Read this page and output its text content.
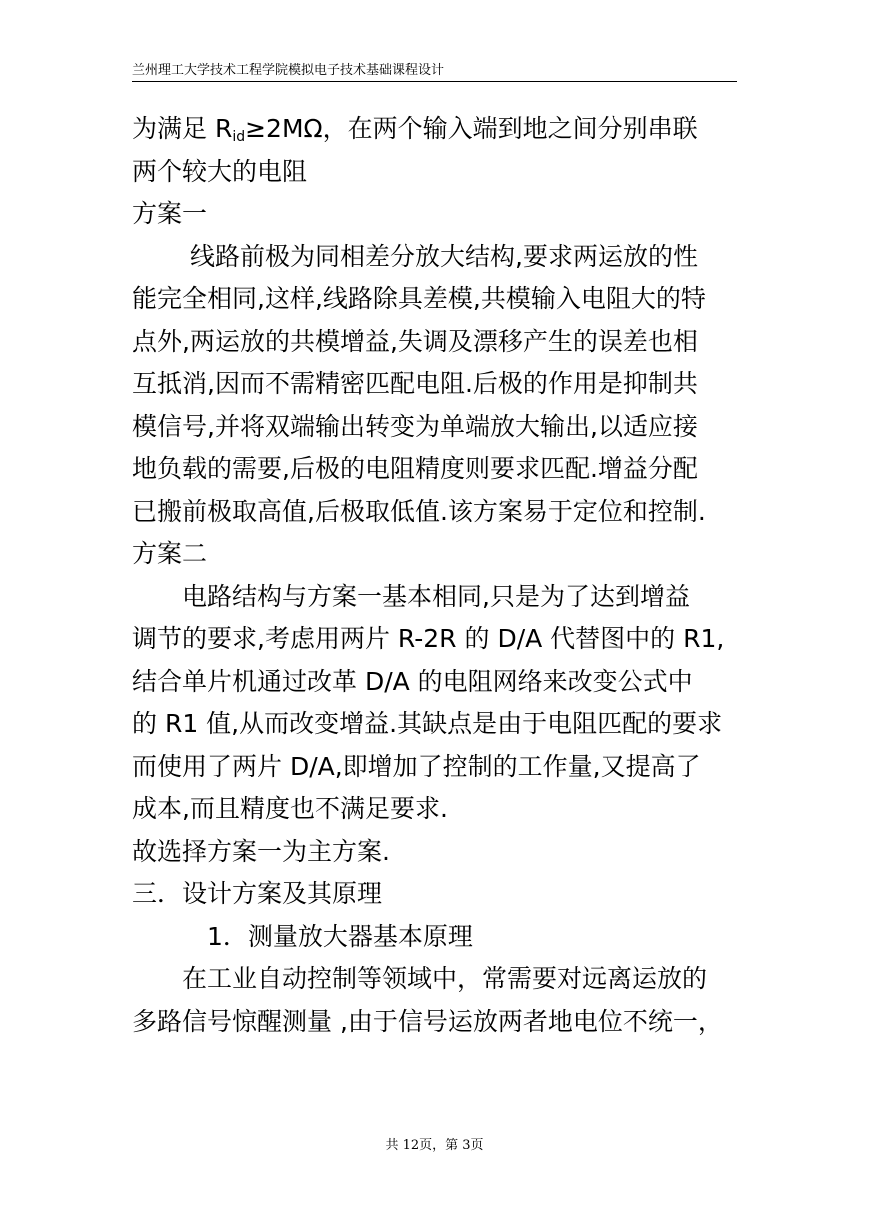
兰州理工大学技术工程学院模拟电子技术基础课程设计
为满足 $R_{id}\ge 2M\Omega$，在两个输入端到地之间分别串联
两个较大的电阻
方案一
线路前极为同相差分放大结构,要求两运放的性
能完全相同,这样,线路除具差模,共模输入电阻大的特
点外,两运放的共模增益,失调及漂移产生的误差也相
互抵消,因而不需精密匹配电阻.后极的作用是抑制共
模信号,并将双端输出转变为单端放大输出,以适应接
地负载的需要,后极的电阻精度则要求匹配.增益分配
已搬前极取高值,后极取低值.该方案易于定位和控制.
方案二
电路结构与方案一基本相同,只是为了达到增益
调节的要求,考虑用两片 R-2R 的 D/A 代替图中的 R1,
结合单片机通过改革 D/A 的电阻网络来改变公式中
的 R1 值,从而改变增益.其缺点是由于电阻匹配的要求
而使用了两片 D/A,即增加了控制的工作量,又提高了
成本,而且精度也不满足要求.
故选择方案一为主方案.
三．设计方案及其原理
1．测量放大器基本原理
在工业自动控制等领域中，常需要对远离运放的
多路信号惊醒测量 ,由于信号运放两者地电位不统一，
共 12页，第 3页
